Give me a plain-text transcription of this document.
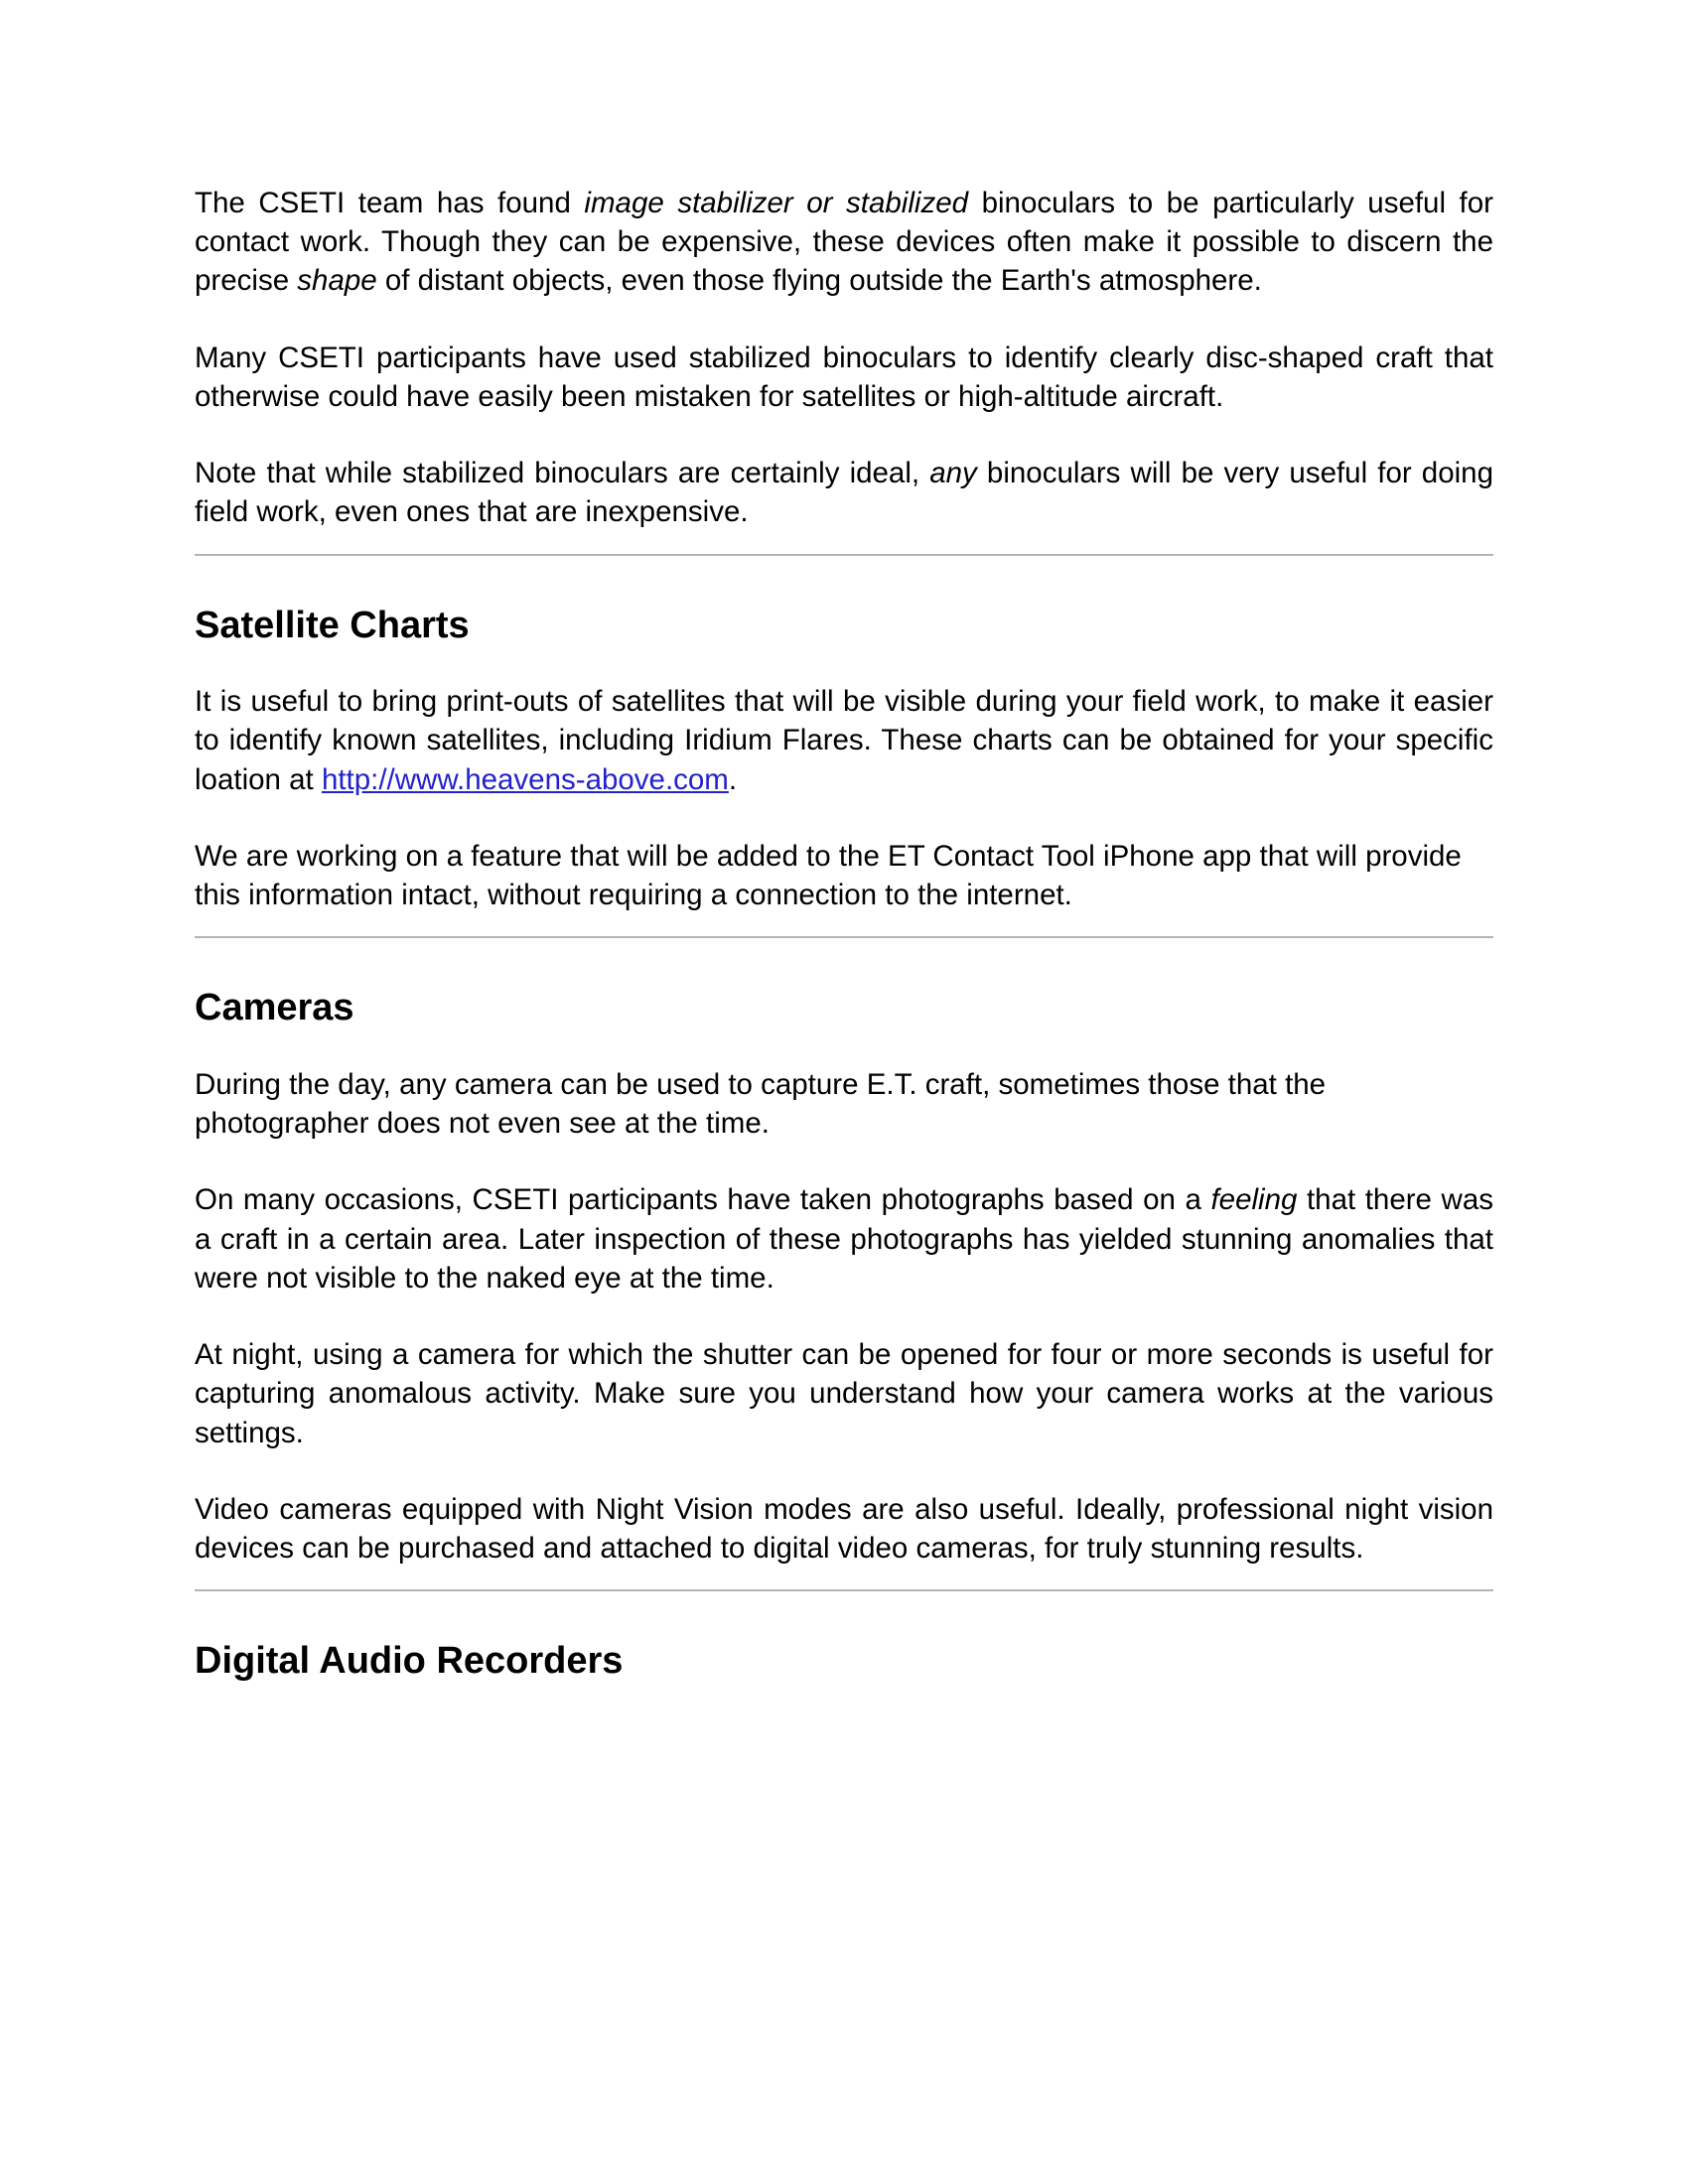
The CSETI team has found image stabilizer or stabilized binoculars to be particularly useful for contact work. Though they can be expensive, these devices often make it possible to discern the precise shape of distant objects, even those flying outside the Earth's atmosphere.

Many CSETI participants have used stabilized binoculars to identify clearly disc-shaped craft that otherwise could have easily been mistaken for satellites or high-altitude aircraft.

Note that while stabilized binoculars are certainly ideal, any binoculars will be very useful for doing field work, even ones that are inexpensive.

Satellite Charts

It is useful to bring print-outs of satellites that will be visible during your field work, to make it easier to identify known satellites, including Iridium Flares. These charts can be obtained for your specific loation at http://www.heavens-above.com.

We are working on a feature that will be added to the ET Contact Tool iPhone app that will provide this information intact, without requiring a connection to the internet.

Cameras

During the day, any camera can be used to capture E.T. craft, sometimes those that the photographer does not even see at the time.

On many occasions, CSETI participants have taken photographs based on a feeling that there was a craft in a certain area. Later inspection of these photographs has yielded stunning anomalies that were not visible to the naked eye at the time.

At night, using a camera for which the shutter can be opened for four or more seconds is useful for capturing anomalous activity. Make sure you understand how your camera works at the various settings.

Video cameras equipped with Night Vision modes are also useful. Ideally, professional night vision devices can be purchased and attached to digital video cameras, for truly stunning results.

Digital Audio Recorders
